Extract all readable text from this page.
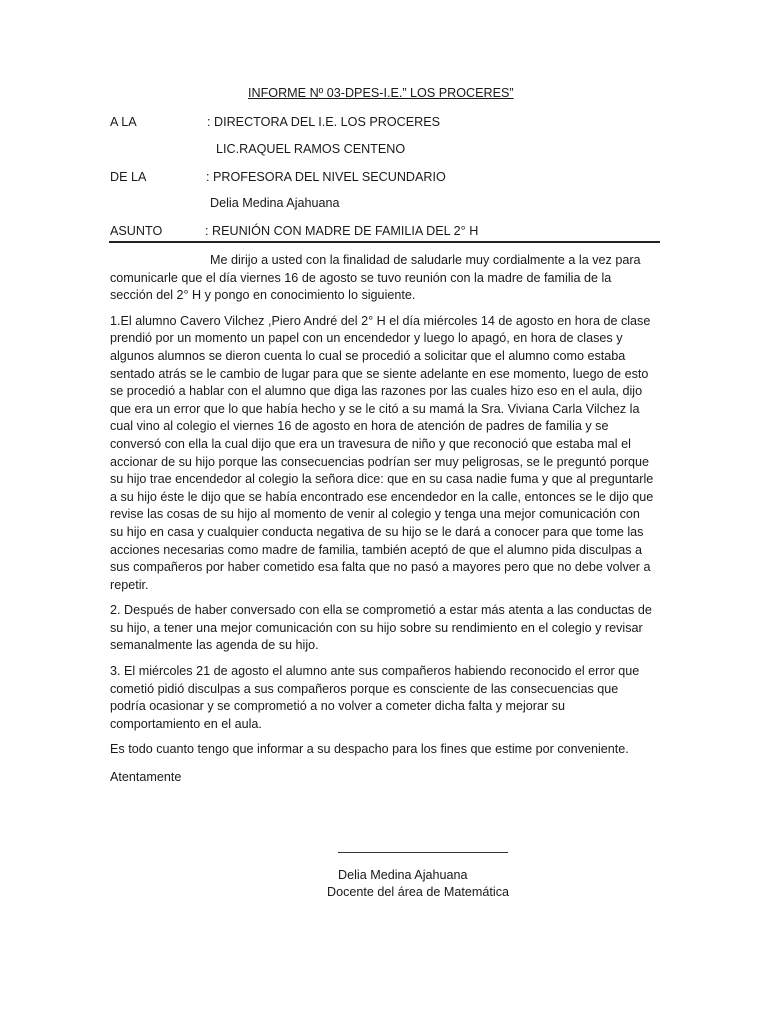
INFORME Nº 03-DPES-I.E.” LOS PROCERES”
A LA	: DIRECTORA DEL I.E. LOS PROCERES
LIC.RAQUEL RAMOS CENTENO
DE LA	: PROFESORA DEL NIVEL SECUNDARIO
Delia Medina Ajahuana
ASUNTO	: REUNIÓN CON MADRE DE FAMILIA DEL 2° H

Me dirijo a usted con la finalidad de saludarle muy cordialmente a la vez para comunicarle que el día viernes 16 de agosto se tuvo reunión con la madre de familia de la sección del 2° H y pongo en conocimiento lo siguiente.

1.El alumno Cavero Vilchez ,Piero André del 2° H el día miércoles 14 de agosto en hora de clase prendió por un momento un papel con un encendedor y luego lo apagó, en hora de clases y algunos alumnos se dieron cuenta lo cual se procedió a solicitar que el alumno como estaba sentado atrás se le cambio de lugar para que se siente adelante en ese momento, luego de esto se procedió a hablar con el alumno que diga las razones por las cuales hizo eso en el aula, dijo que era un error que lo que había hecho y se le citó a su mamá la Sra. Viviana Carla Vilchez la cual vino al colegio el viernes 16 de agosto en hora de atención de padres de familia y se conversó con ella la cual dijo que era un travesura de niño y que reconoció que estaba mal el accionar de su hijo porque las consecuencias podrían ser muy peligrosas, se le preguntó porque su hijo trae encendedor al colegio la señora dice: que en su casa nadie fuma y que al preguntarle a su hijo éste le dijo que se había encontrado ese encendedor en la calle, entonces se le dijo que revise las cosas de su hijo al momento de venir al colegio y tenga una mejor comunicación con su hijo en casa y cualquier conducta negativa de su hijo se le dará a conocer para que tome las acciones necesarias como madre de familia, también aceptó de que el alumno pida disculpas a sus compañeros por haber cometido esa falta que no pasó a mayores pero que no debe volver a repetir.

2. Después de haber conversado con ella se comprometió a estar más atenta a las conductas de su hijo, a tener una mejor comunicación con su hijo sobre su rendimiento en el colegio y revisar semanalmente las agenda de su hijo.

3. El miércoles 21 de agosto el alumno ante sus compañeros habiendo reconocido el error que cometió pidió disculpas a sus compañeros porque es consciente de las consecuencias que podría ocasionar y se comprometió a no volver a cometer dicha falta y mejorar su comportamiento en el aula.

Es todo cuanto tengo que informar a su despacho para los fines que estime por conveniente.

Atentamente

Delia Medina Ajahuana
Docente del área de Matemática
